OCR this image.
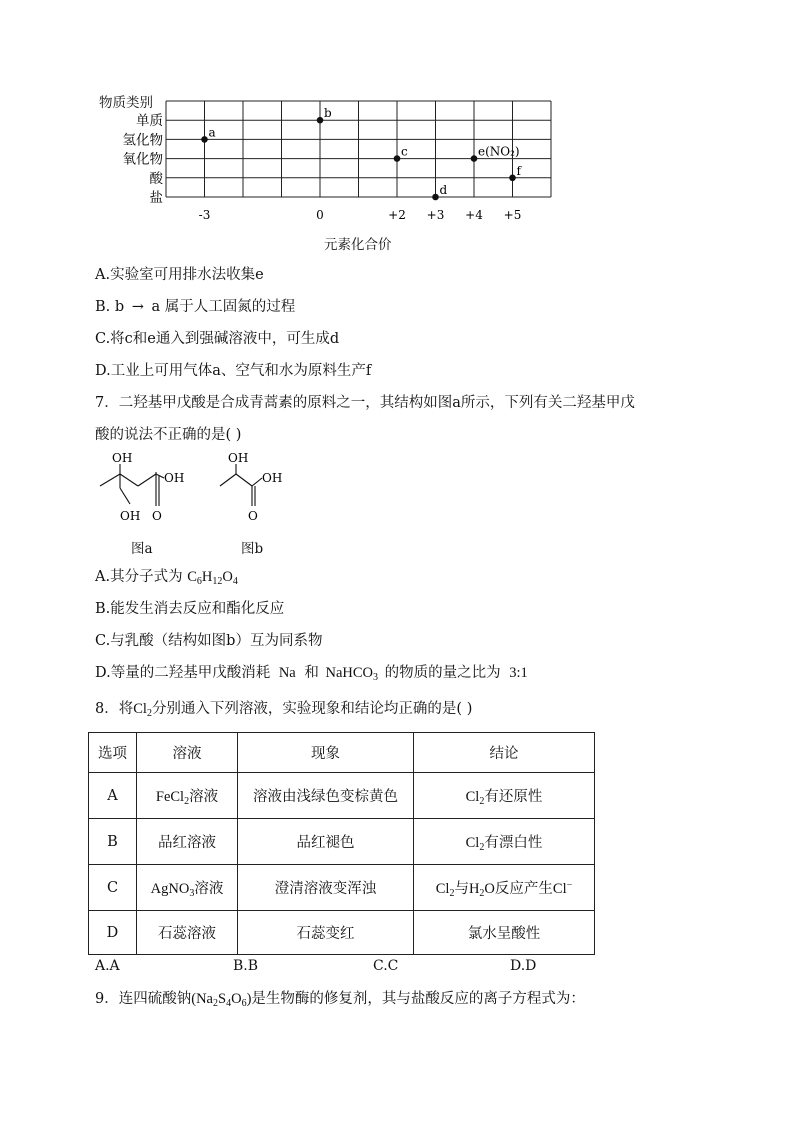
物质类别
单质
氢化物
氧化物
酸
盐
-3	0	+2 +3 +4 +5
a
b
c
d
e(NO₂)
f
元素化合价
A.实验室可用排水法收集e
B. b → a 属于人工固氮的过程
C.将c和e通入到强碱溶液中，可生成d
D.工业上可用气体a、空气和水为原料生产f
7．二羟基甲戊酸是合成青蒿素的原料之一，其结构如图a所示，下列有关二羟基甲戊
酸的说法不正确的是( )
OH
OH
OH O
图a
OH
OH
O
图b
A.其分子式为 $C_6H_{12}O_4$
B.能发生消去反应和酯化反应
C.与乳酸（结构如图b）互为同系物
D.等量的二羟基甲戊酸消耗 Na 和 NaHCO$_3$ 的物质的量之比为 3:1
8．将$Cl_2$分别通入下列溶液，实验现象和结论均正确的是( )
选项	溶液	现象	结论
A	FeCl$_2$溶液	溶液由浅绿色变棕黄色	$Cl_2$有还原性
B	品红溶液	品红褪色	$Cl_2$有漂白性
C	AgNO$_3$溶液	澄清溶液变浑浊	$Cl_2$与$H_2O$反应产生Cl−
D	石蕊溶液	石蕊变红	氯水呈酸性
A.A	B.B	C.C	D.D
9．连四硫酸钠$(Na_2S_4O_6)$是生物酶的修复剂，其与盐酸反应的离子方程式为：
